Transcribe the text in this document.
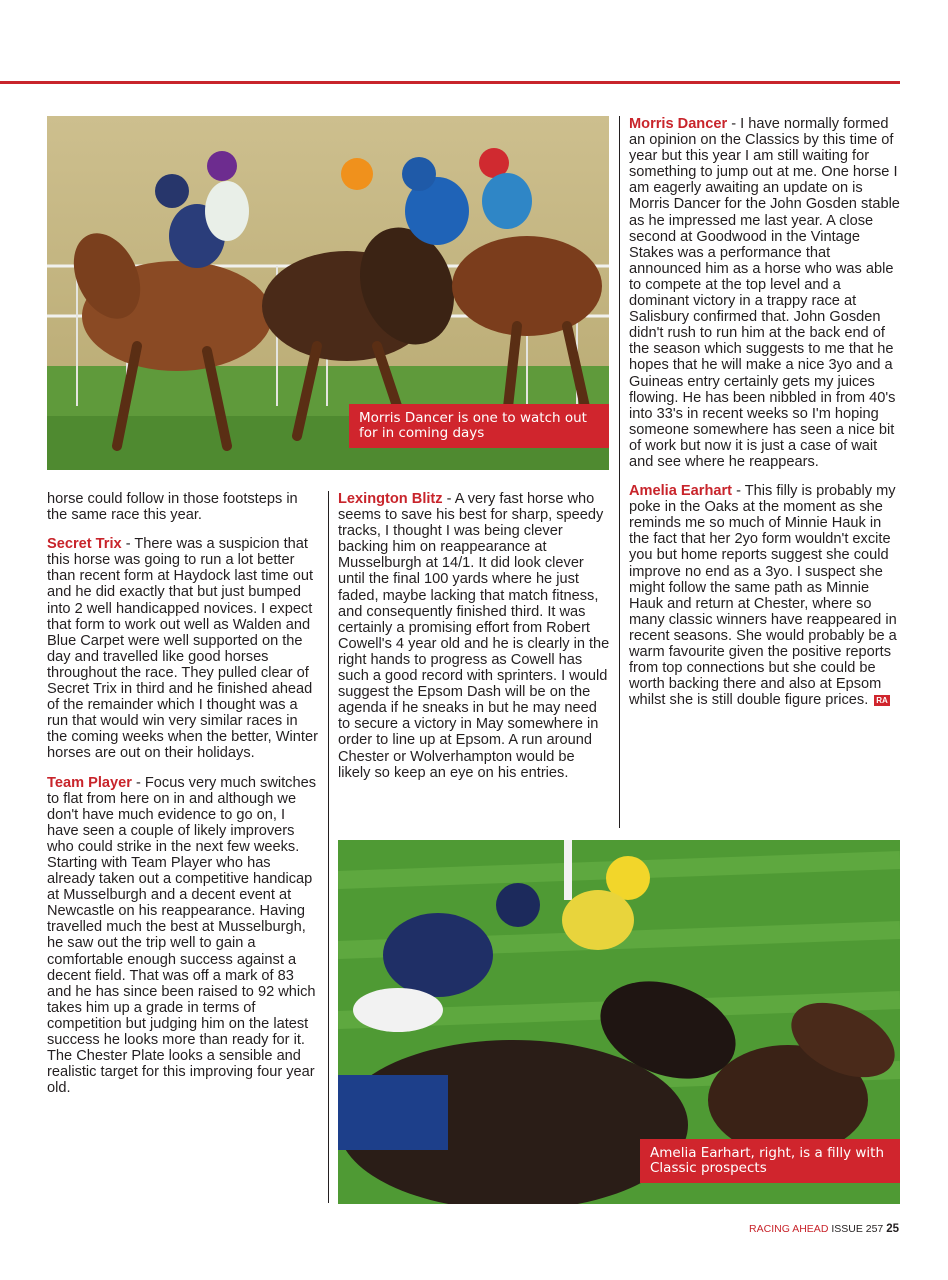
Morris Dancer is one to watch out for in coming days

horse could follow in those footsteps in the same race this year.

Secret Trix - There was a suspicion that this horse was going to run a lot better than recent form at Haydock last time out and he did exactly that but just bumped into 2 well handicapped novices. I expect that form to work out well as Walden and Blue Carpet were well supported on the day and travelled like good horses throughout the race. They pulled clear of Secret Trix in third and he finished ahead of the remainder which I thought was a run that would win very similar races in the coming weeks when the better, Winter horses are out on their holidays.

Team Player - Focus very much switches to flat from here on in and although we don't have much evidence to go on, I have seen a couple of likely improvers who could strike in the next few weeks. Starting with Team Player who has already taken out a competitive handicap at Musselburgh and a decent event at Newcastle on his reappearance. Having travelled much the best at Musselburgh, he saw out the trip well to gain a comfortable enough success against a decent field. That was off a mark of 83 and he has since been raised to 92 which takes him up a grade in terms of competition but judging him on the latest success he looks more than ready for it. The Chester Plate looks a sensible and realistic target for this improving four year old.

Lexington Blitz - A very fast horse who seems to save his best for sharp, speedy tracks, I thought I was being clever backing him on reappearance at Musselburgh at 14/1. It did look clever until the final 100 yards where he just faded, maybe lacking that match fitness, and consequently finished third. It was certainly a promising effort from Robert Cowell's 4 year old and he is clearly in the right hands to progress as Cowell has such a good record with sprinters. I would suggest the Epsom Dash will be on the agenda if he sneaks in but he may need to secure a victory in May somewhere in order to line up at Epsom. A run around Chester or Wolverhampton would be likely so keep an eye on his entries.

Morris Dancer - I have normally formed an opinion on the Classics by this time of year but this year I am still waiting for something to jump out at me. One horse I am eagerly awaiting an update on is Morris Dancer for the John Gosden stable as he impressed me last year. A close second at Goodwood in the Vintage Stakes was a performance that announced him as a horse who was able to compete at the top level and a dominant victory in a trappy race at Salisbury confirmed that. John Gosden didn't rush to run him at the back end of the season which suggests to me that he hopes that he will make a nice 3yo and a Guineas entry certainly gets my juices flowing. He has been nibbled in from 40's into 33's in recent weeks so I'm hoping someone somewhere has seen a nice bit of work but now it is just a case of wait and see where he reappears.

Amelia Earhart - This filly is probably my poke in the Oaks at the moment as she reminds me so much of Minnie Hauk in the fact that her 2yo form wouldn't excite you but home reports suggest she could improve no end as a 3yo. I suspect she might follow the same path as Minnie Hauk and return at Chester, where so many classic winners have reappeared in recent seasons. She would probably be a warm favourite given the positive reports from top connections but she could be worth backing there and also at Epsom whilst she is still double figure prices. RA

Amelia Earhart, right, is a filly with Classic prospects
RACING AHEAD ISSUE 257 25
